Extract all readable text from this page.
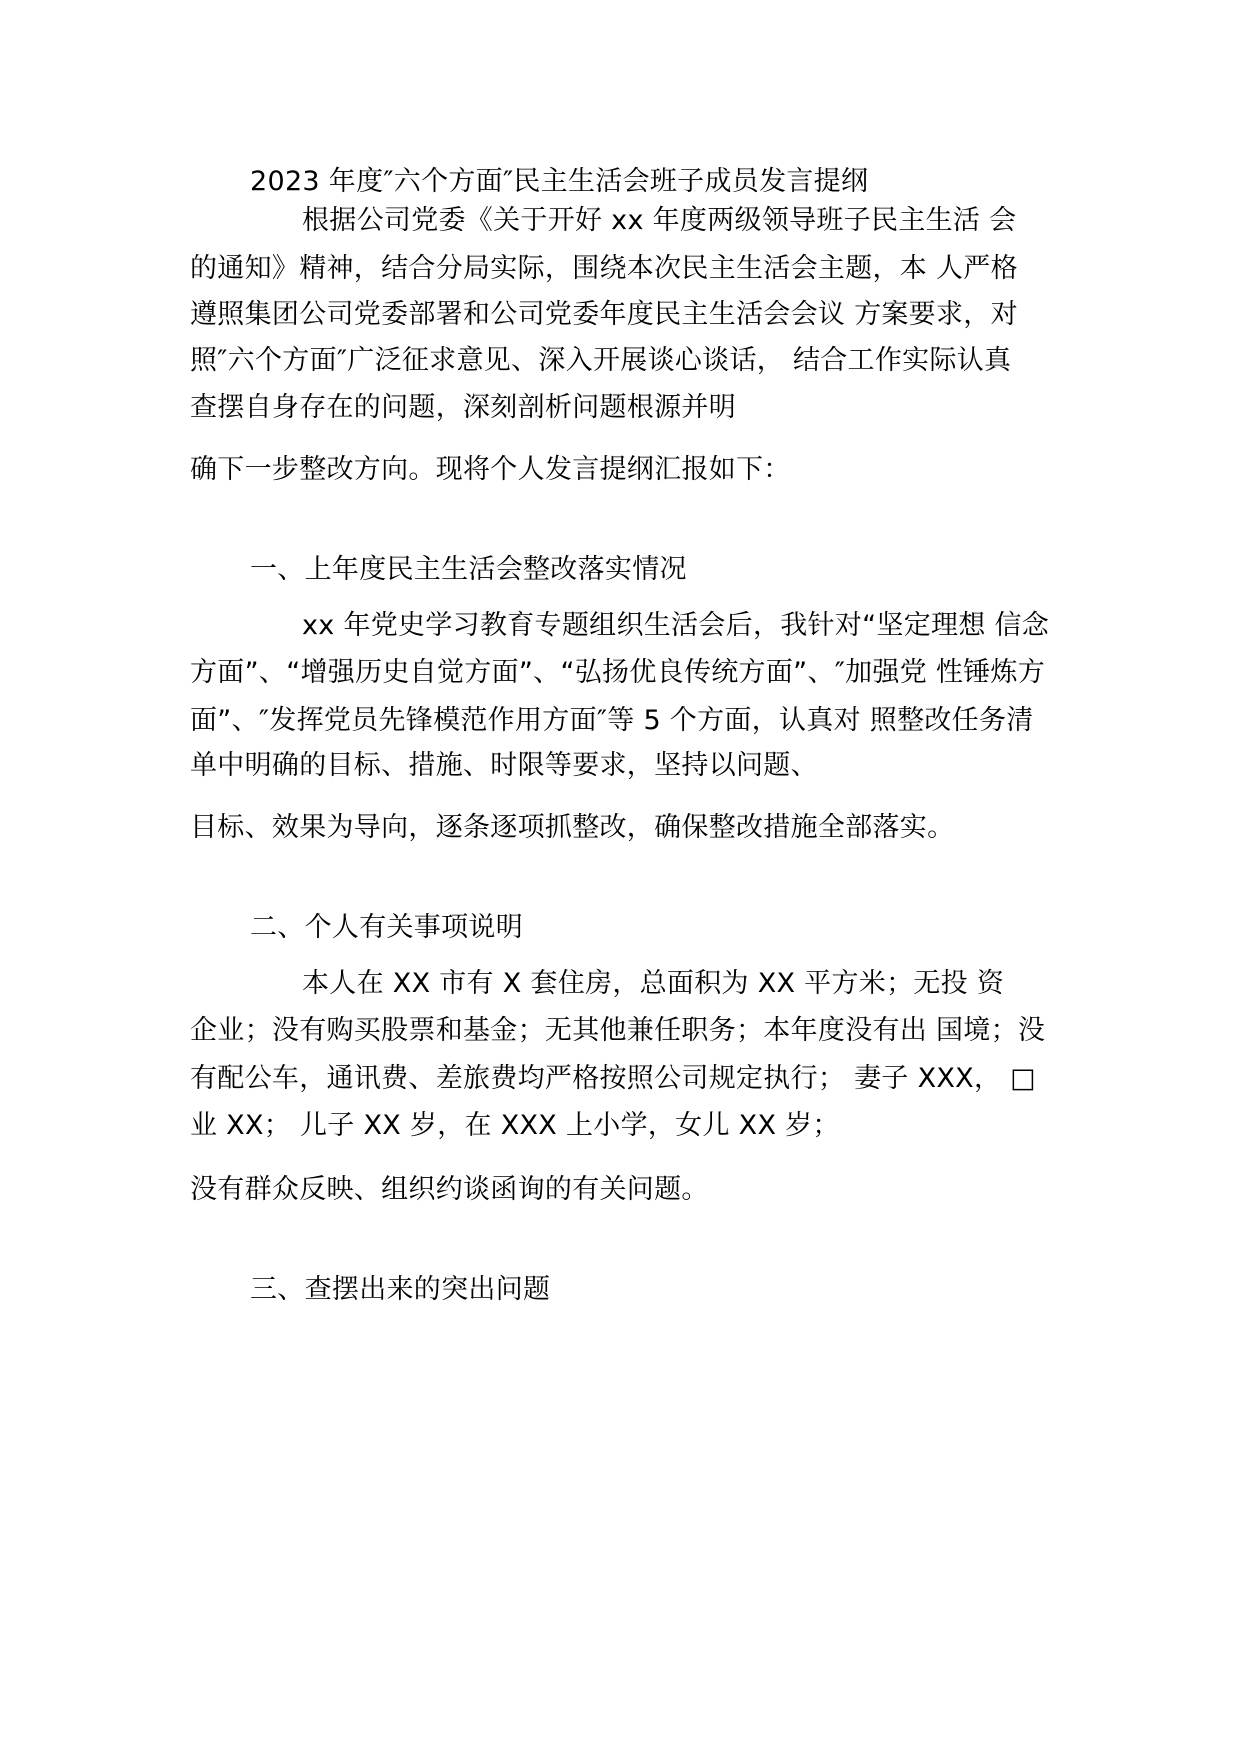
2023 年度″六个方面″民主生活会班子成员发言提纲
根据公司党委《关于开好 xx 年度两级领导班子民主生活 会
的通知》精神，结合分局实际，围绕本次民主生活会主题，本 人严格
遵照集团公司党委部署和公司党委年度民主生活会会议 方案要求，对
照″六个方面″广泛征求意见、深入开展谈心谈话， 结合工作实际认真
查摆自身存在的问题，深刻剖析问题根源并明
确下一步整改方向。现将个人发言提纲汇报如下：
一、上年度民主生活会整改落实情况
xx 年党史学习教育专题组织生活会后，我针对“坚定理想 信念
方面”、“增强历史自觉方面”、“弘扬优良传统方面”、″加强党 性锤炼方
面”、″发挥党员先锋模范作用方面″等 5 个方面，认真对 照整改任务清
单中明确的目标、措施、时限等要求，坚持以问题、
目标、效果为导向，逐条逐项抓整改，确保整改措施全部落实。
二、个人有关事项说明
本人在 XX 市有 X 套住房，总面积为 XX 平方米；无投 资
企业；没有购买股票和基金；无其他兼任职务；本年度没有出 国境；没
有配公车，通讯费、差旅费均严格按照公司规定执行； 妻子 XXX， □
业 XX； 儿子 XX 岁，在 XXX 上小学，女儿 XX 岁；
没有群众反映、组织约谈函询的有关问题。
三、查摆出来的突出问题
